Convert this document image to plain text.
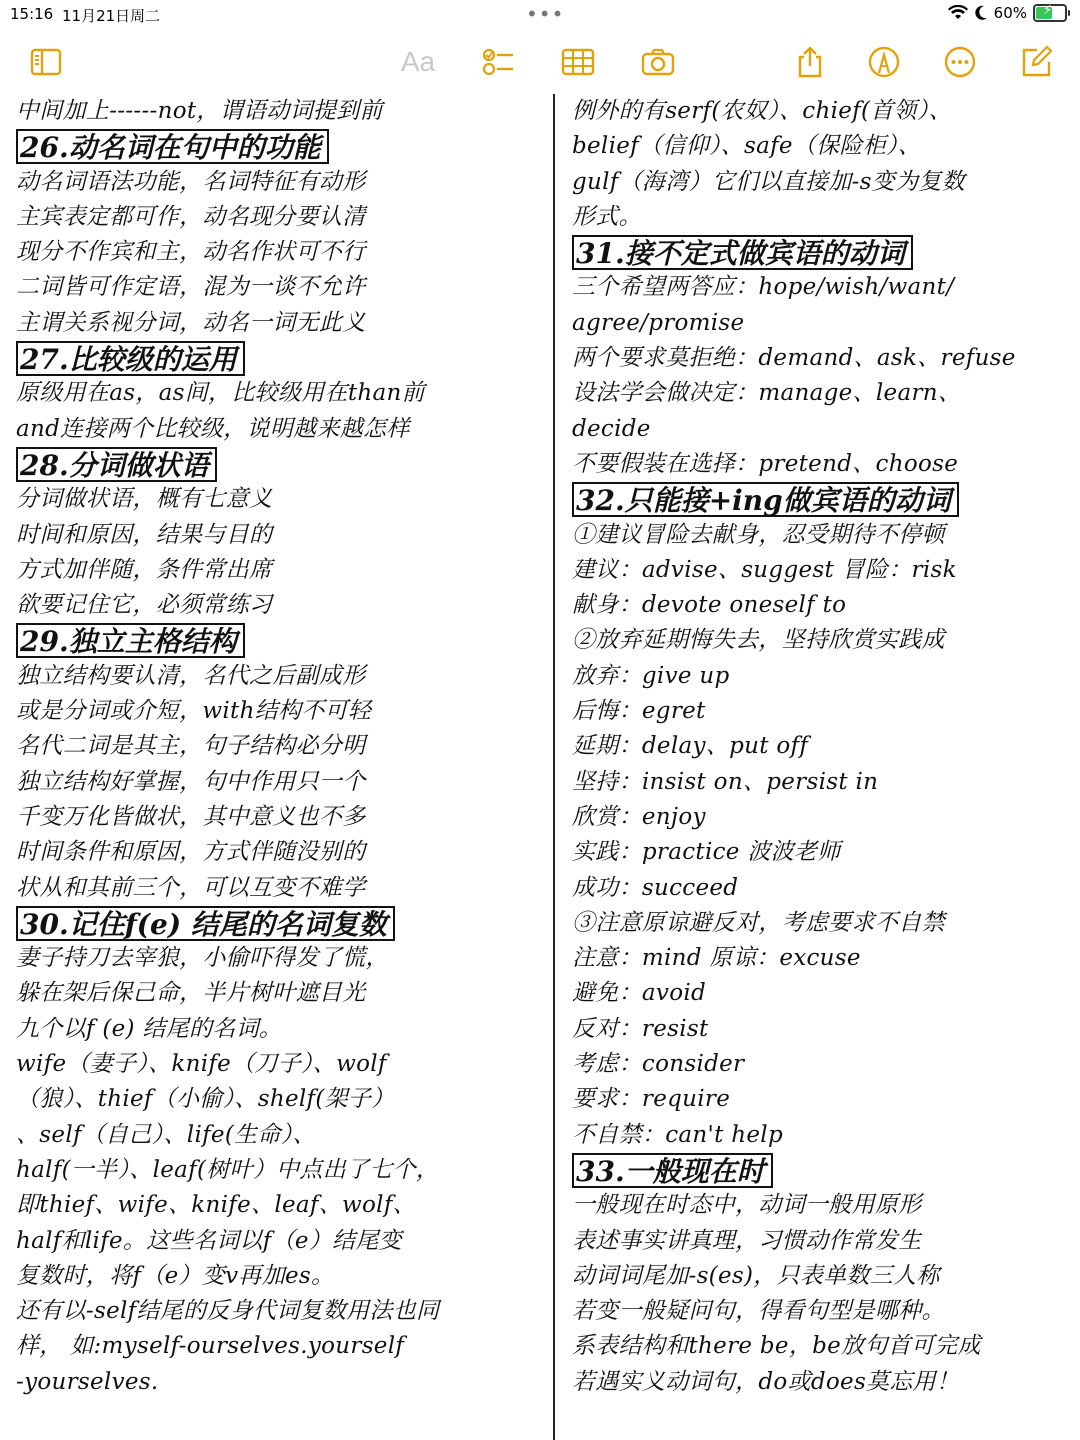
15:16 11月21日周二	•••	60% ⚡
Aa
中间加上------not，谓语动词提到前
26.动名词在句中的功能
动名词语法功能，名词特征有动形
主宾表定都可作，动名现分要认清
现分不作宾和主，动名作状可不行
二词皆可作定语，混为一谈不允许
主谓关系视分词，动名一词无此义
27.比较级的运用
原级用在as，as间，比较级用在than前
and连接两个比较级，说明越来越怎样
28.分词做状语
分词做状语，概有七意义
时间和原因，结果与目的
方式加伴随，条件常出席
欲要记住它，必须常练习
29.独立主格结构
独立结构要认清，名代之后副成形
或是分词或介短，with结构不可轻
名代二词是其主，句子结构必分明
独立结构好掌握，句中作用只一个
千变万化皆做状，其中意义也不多
时间条件和原因，方式伴随没别的
状从和其前三个，可以互变不难学
30.记住f(e) 结尾的名词复数
妻子持刀去宰狼，小偷吓得发了慌，
躲在架后保己命，半片树叶遮目光
九个以f (e) 结尾的名词。
wife（妻子）、knife（刀子）、wolf
（狼）、thief（小偷）、shelf(架子）
、self（自己）、life(生命）、
half(一半）、leaf(树叶）中点出了七个，
即thief、wife、knife、leaf、wolf、
half和life。这些名词以f（e）结尾变
复数时，将f（e）变v再加es。
还有以-self结尾的反身代词复数用法也同
样， 如:myself-ourselves.yourself
-yourselves.
例外的有serf(农奴）、chief(首领）、
belief（信仰）、safe（保险柜）、
gulf（海湾）它们以直接加-s变为复数
形式。
31.接不定式做宾语的动词
三个希望两答应：hope/wish/want/
agree/promise
两个要求莫拒绝：demand、ask、refuse
设法学会做决定：manage、learn、
decide
不要假装在选择：pretend、choose
32.只能接+ing做宾语的动词
①建议冒险去献身，忍受期待不停顿
建议：advise、suggest 冒险：risk
献身：devote oneself to
②放弃延期悔失去，坚持欣赏实践成
放弃：give up
后悔：egret
延期：delay、put off
坚持：insist on、persist in
欣赏：enjoy
实践：practice 波波老师
成功：succeed
③注意原谅避反对，考虑要求不自禁
注意：mind 原谅：excuse
避免：avoid
反对：resist
考虑：consider
要求：require
不自禁：can't help
33.一般现在时
一般现在时态中，动词一般用原形
表述事实讲真理，习惯动作常发生
动词词尾加-s(es)，只表单数三人称
若变一般疑问句，得看句型是哪种。
系表结构和there be，be放句首可完成
若遇实义动词句，do或does莫忘用！
